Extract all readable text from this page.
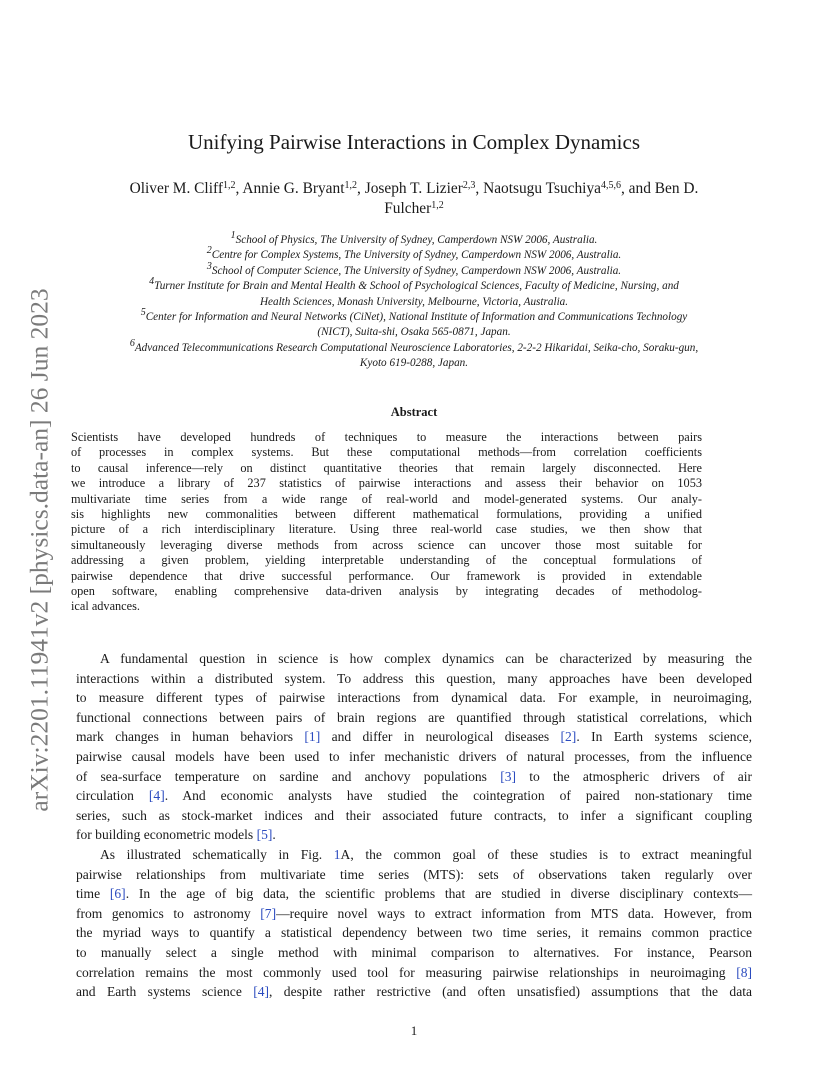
arXiv:2201.11941v2 [physics.data-an] 26 Jun 2023
Unifying Pairwise Interactions in Complex Dynamics
Oliver M. Cliff$^{1,2}$, Annie G. Bryant$^{1,2}$, Joseph T. Lizier$^{2,3}$, Naotsugu Tsuchiya$^{4,5,6}$, and Ben D.
Fulcher$^{1,2}$
$^1$School of Physics, The University of Sydney, Camperdown NSW 2006, Australia.
$^2$Centre for Complex Systems, The University of Sydney, Camperdown NSW 2006, Australia.
$^3$School of Computer Science, The University of Sydney, Camperdown NSW 2006, Australia.
$^4$Turner Institute for Brain and Mental Health & School of Psychological Sciences, Faculty of Medicine, Nursing, and
Health Sciences, Monash University, Melbourne, Victoria, Australia.
$^5$Center for Information and Neural Networks (CiNet), National Institute of Information and Communications Technology
(NICT), Suita-shi, Osaka 565-0871, Japan.
$^6$Advanced Telecommunications Research Computational Neuroscience Laboratories, 2-2-2 Hikaridai, Seika-cho, Soraku-gun,
Kyoto 619-0288, Japan.
Abstract
Scientists have developed hundreds of techniques to measure the interactions between pairs
of processes in complex systems. But these computational methods—from correlation coefficients
to causal inference—rely on distinct quantitative theories that remain largely disconnected. Here
we introduce a library of 237 statistics of pairwise interactions and assess their behavior on 1053
multivariate time series from a wide range of real-world and model-generated systems. Our analy-
sis highlights new commonalities between different mathematical formulations, providing a unified
picture of a rich interdisciplinary literature. Using three real-world case studies, we then show that
simultaneously leveraging diverse methods from across science can uncover those most suitable for
addressing a given problem, yielding interpretable understanding of the conceptual formulations of
pairwise dependence that drive successful performance. Our framework is provided in extendable
open software, enabling comprehensive data-driven analysis by integrating decades of methodolog-
ical advances.
A fundamental question in science is how complex dynamics can be characterized by measuring the
interactions within a distributed system. To address this question, many approaches have been developed
to measure different types of pairwise interactions from dynamical data. For example, in neuroimaging,
functional connections between pairs of brain regions are quantified through statistical correlations, which
mark changes in human behaviors [1] and differ in neurological diseases [2]. In Earth systems science,
pairwise causal models have been used to infer mechanistic drivers of natural processes, from the influence
of sea-surface temperature on sardine and anchovy populations [3] to the atmospheric drivers of air
circulation [4]. And economic analysts have studied the cointegration of paired non-stationary time
series, such as stock-market indices and their associated future contracts, to infer a significant coupling
for building econometric models [5].
As illustrated schematically in Fig. 1A, the common goal of these studies is to extract meaningful
pairwise relationships from multivariate time series (MTS): sets of observations taken regularly over
time [6]. In the age of big data, the scientific problems that are studied in diverse disciplinary contexts—
from genomics to astronomy [7]—require novel ways to extract information from MTS data. However, from
the myriad ways to quantify a statistical dependency between two time series, it remains common practice
to manually select a single method with minimal comparison to alternatives. For instance, Pearson
correlation remains the most commonly used tool for measuring pairwise relationships in neuroimaging [8]
and Earth systems science [4], despite rather restrictive (and often unsatisfied) assumptions that the data
1
